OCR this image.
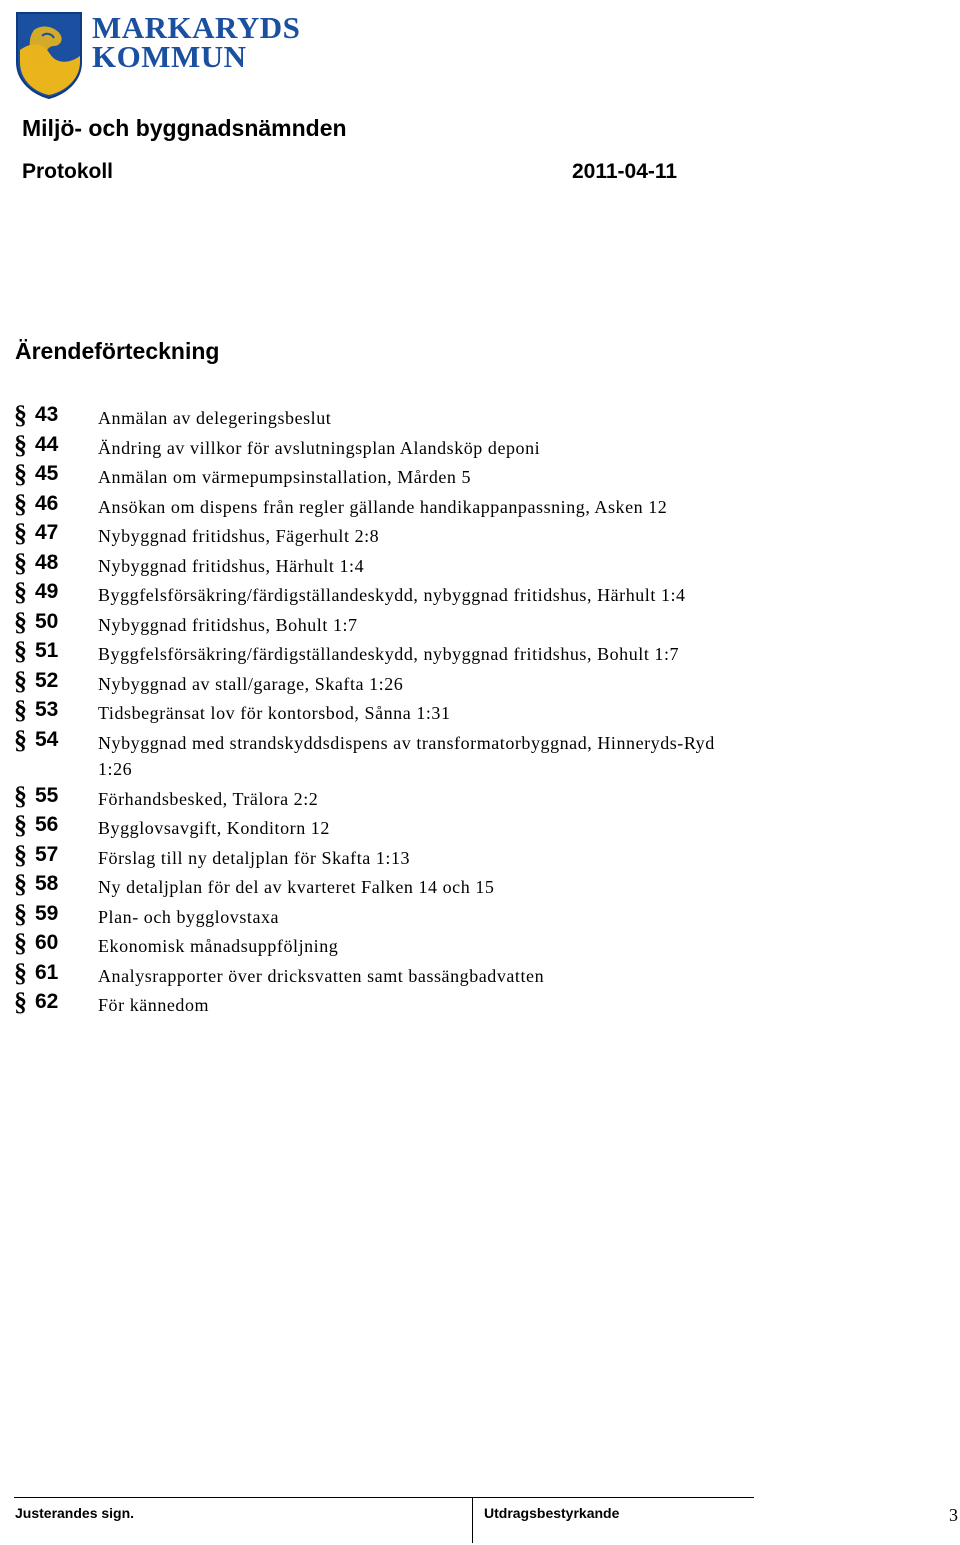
MARKARYDS
KOMMUN
Miljö- och byggnadsnämnden
Protokoll	2011-04-11
Ärendeförteckning
§ 43 Anmälan av delegeringsbeslut
§ 44 Ändring av villkor för avslutningsplan Alandsköp deponi
§ 45 Anmälan om värmepumpsinstallation, Mården 5
§ 46 Ansökan om dispens från regler gällande handikappanpassning, Asken 12
§ 47 Nybyggnad fritidshus, Fägerhult 2:8
§ 48 Nybyggnad fritidshus, Härhult 1:4
§ 49 Byggfelsförsäkring/färdigställandeskydd, nybyggnad fritidshus, Härhult 1:4
§ 50 Nybyggnad fritidshus, Bohult 1:7
§ 51 Byggfelsförsäkring/färdigställandeskydd, nybyggnad fritidshus, Bohult 1:7
§ 52 Nybyggnad av stall/garage, Skafta 1:26
§ 53 Tidsbegränsat lov för kontorsbod, Sånna 1:31
§ 54 Nybyggnad med strandskyddsdispens av transformatorbyggnad, Hinneryds-Ryd 1:26
§ 55 Förhandsbesked, Trälora 2:2
§ 56 Bygglovsavgift, Konditorn 12
§ 57 Förslag till ny detaljplan för Skafta 1:13
§ 58 Ny detaljplan för del av kvarteret Falken 14 och 15
§ 59 Plan- och bygglovstaxa
§ 60 Ekonomisk månadsuppföljning
§ 61 Analysrapporter över dricksvatten samt bassängbadvatten
§ 62 För kännedom
Justerandes sign.	Utdragsbestyrkande	3
